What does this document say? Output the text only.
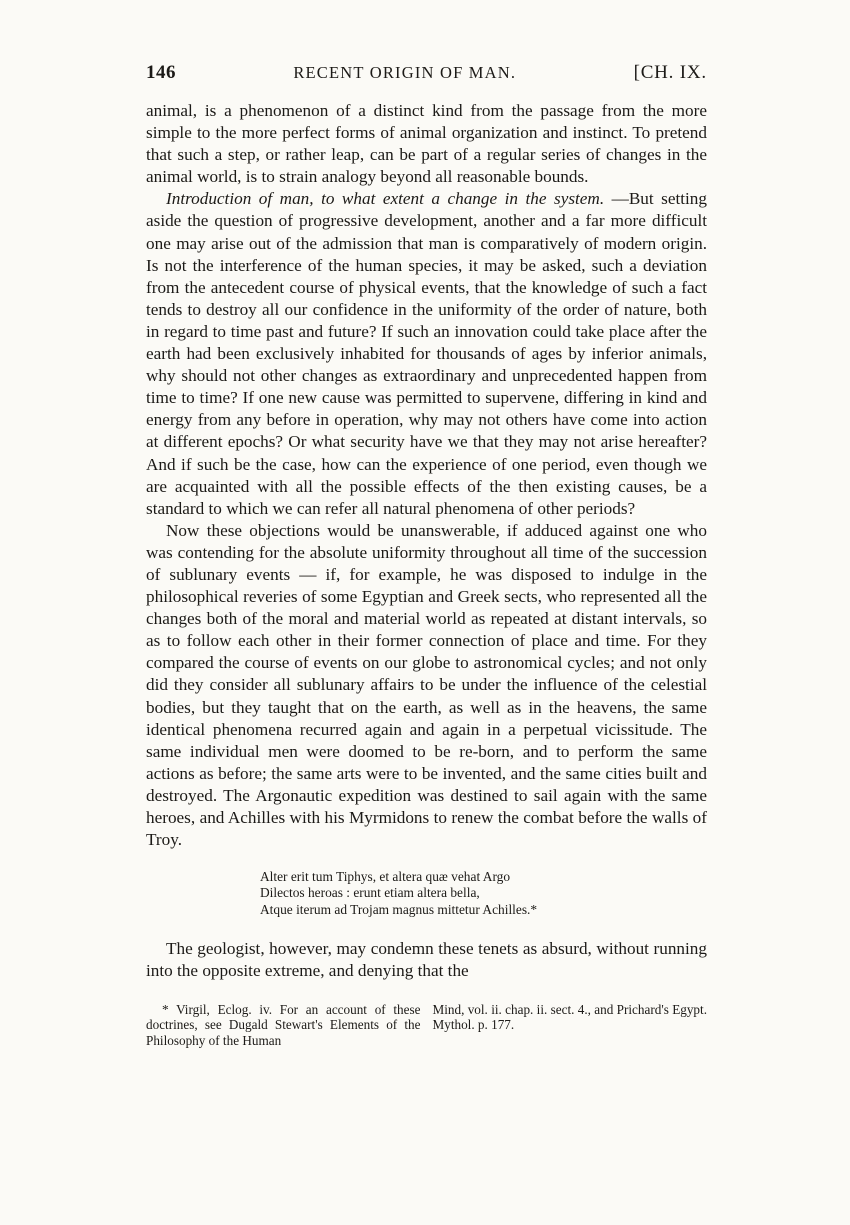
146	RECENT ORIGIN OF MAN.	[CH. IX.

animal, is a phenomenon of a distinct kind from the passage from the more simple to the more perfect forms of animal organization and instinct. To pretend that such a step, or rather leap, can be part of a regular series of changes in the animal world, is to strain analogy beyond all reasonable bounds.

Introduction of man, to what extent a change in the system. —But setting aside the question of progressive development, another and a far more difficult one may arise out of the admission that man is comparatively of modern origin. Is not the interference of the human species, it may be asked, such a deviation from the antecedent course of physical events, that the knowledge of such a fact tends to destroy all our confidence in the uniformity of the order of nature, both in regard to time past and future? If such an innovation could take place after the earth had been exclusively inhabited for thousands of ages by inferior animals, why should not other changes as extraordinary and unprecedented happen from time to time? If one new cause was permitted to supervene, differing in kind and energy from any before in operation, why may not others have come into action at different epochs? Or what security have we that they may not arise hereafter? And if such be the case, how can the experience of one period, even though we are acquainted with all the possible effects of the then existing causes, be a standard to which we can refer all natural phenomena of other periods?

Now these objections would be unanswerable, if adduced against one who was contending for the absolute uniformity throughout all time of the succession of sublunary events — if, for example, he was disposed to indulge in the philosophical reveries of some Egyptian and Greek sects, who represented all the changes both of the moral and material world as repeated at distant intervals, so as to follow each other in their former connection of place and time. For they compared the course of events on our globe to astronomical cycles; and not only did they consider all sublunary affairs to be under the influence of the celestial bodies, but they taught that on the earth, as well as in the heavens, the same identical phenomena recurred again and again in a perpetual vicissitude. The same individual men were doomed to be re-born, and to perform the same actions as before; the same arts were to be invented, and the same cities built and destroyed. The Argonautic expedition was destined to sail again with the same heroes, and Achilles with his Myrmidons to renew the combat before the walls of Troy.

Alter erit tum Tiphys, et altera quæ vehat Argo
Dilectos heroas : erunt etiam altera bella,
Atque iterum ad Trojam magnus mittetur Achilles.*

The geologist, however, may condemn these tenets as absurd, without running into the opposite extreme, and denying that the

* Virgil, Eclog. iv. For an account of these doctrines, see Dugald Stewart's Elements of the Philosophy of the Human
Mind, vol. ii. chap. ii. sect. 4., and Prichard's Egypt. Mythol. p. 177.
